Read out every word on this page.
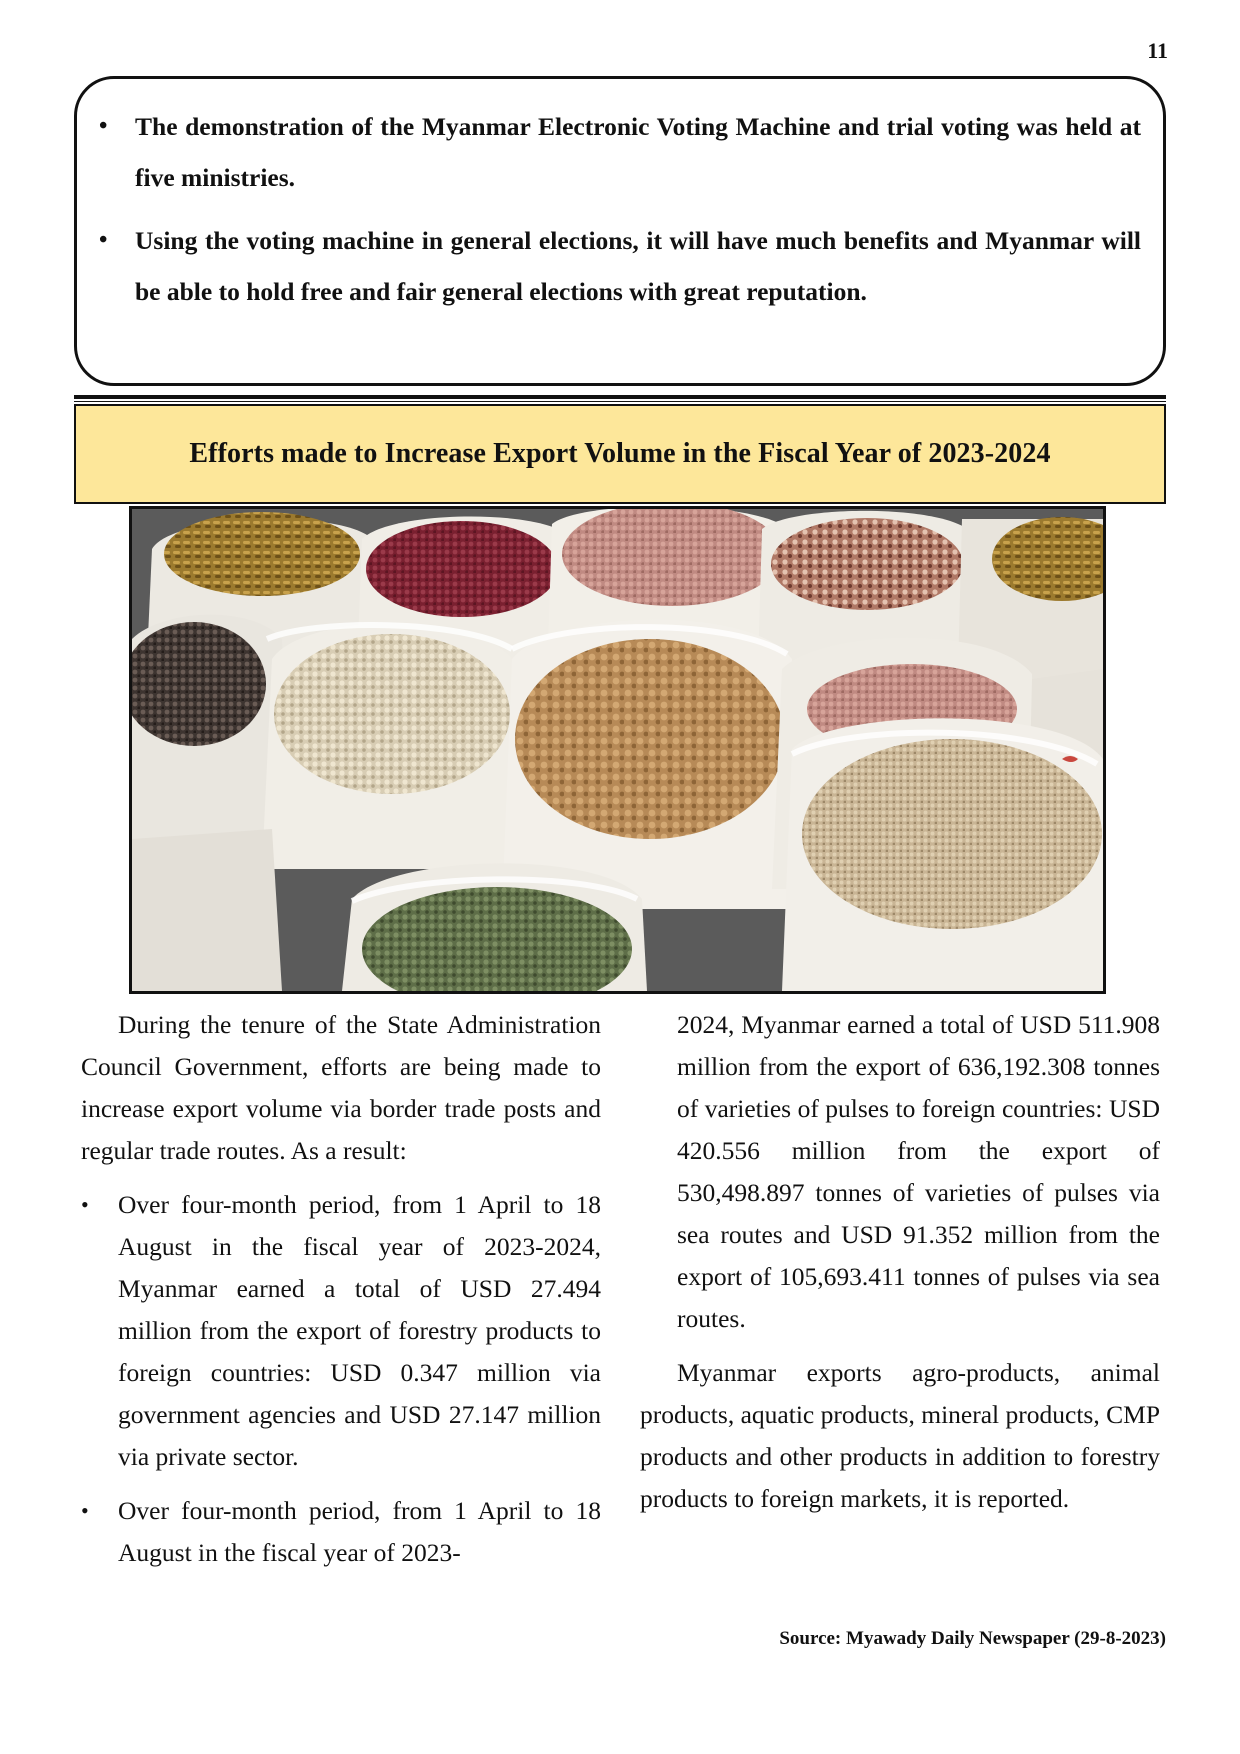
11
• The demonstration of the Myanmar Electronic Voting Machine and trial voting was held at five ministries.
• Using the voting machine in general elections, it will have much benefits and Myanmar will be able to hold free and fair general elections with great reputation.
Efforts made to Increase Export Volume in the Fiscal Year of 2023-2024

During the tenure of the State Administration Council Government, efforts are being made to increase export volume via border trade posts and regular trade routes. As a result:

• Over four-month period, from 1 April to 18 August in the fiscal year of 2023-2024, Myanmar earned a total of USD 27.494 million from the export of forestry products to foreign countries: USD 0.347 million via government agencies and USD 27.147 million via private sector.
• Over four-month period, from 1 April to 18 August in the fiscal year of 2023-
2024, Myanmar earned a total of USD 511.908 million from the export of 636,192.308 tonnes of varieties of pulses to foreign countries: USD 420.556 million from the export of 530,498.897 tonnes of varieties of pulses via sea routes and USD 91.352 million from the export of 105,693.411 tonnes of pulses via sea routes.

Myanmar exports agro-products, animal products, aquatic products, mineral products, CMP products and other products in addition to forestry products to foreign markets, it is reported.

Source: Myawady Daily Newspaper (29-8-2023)
